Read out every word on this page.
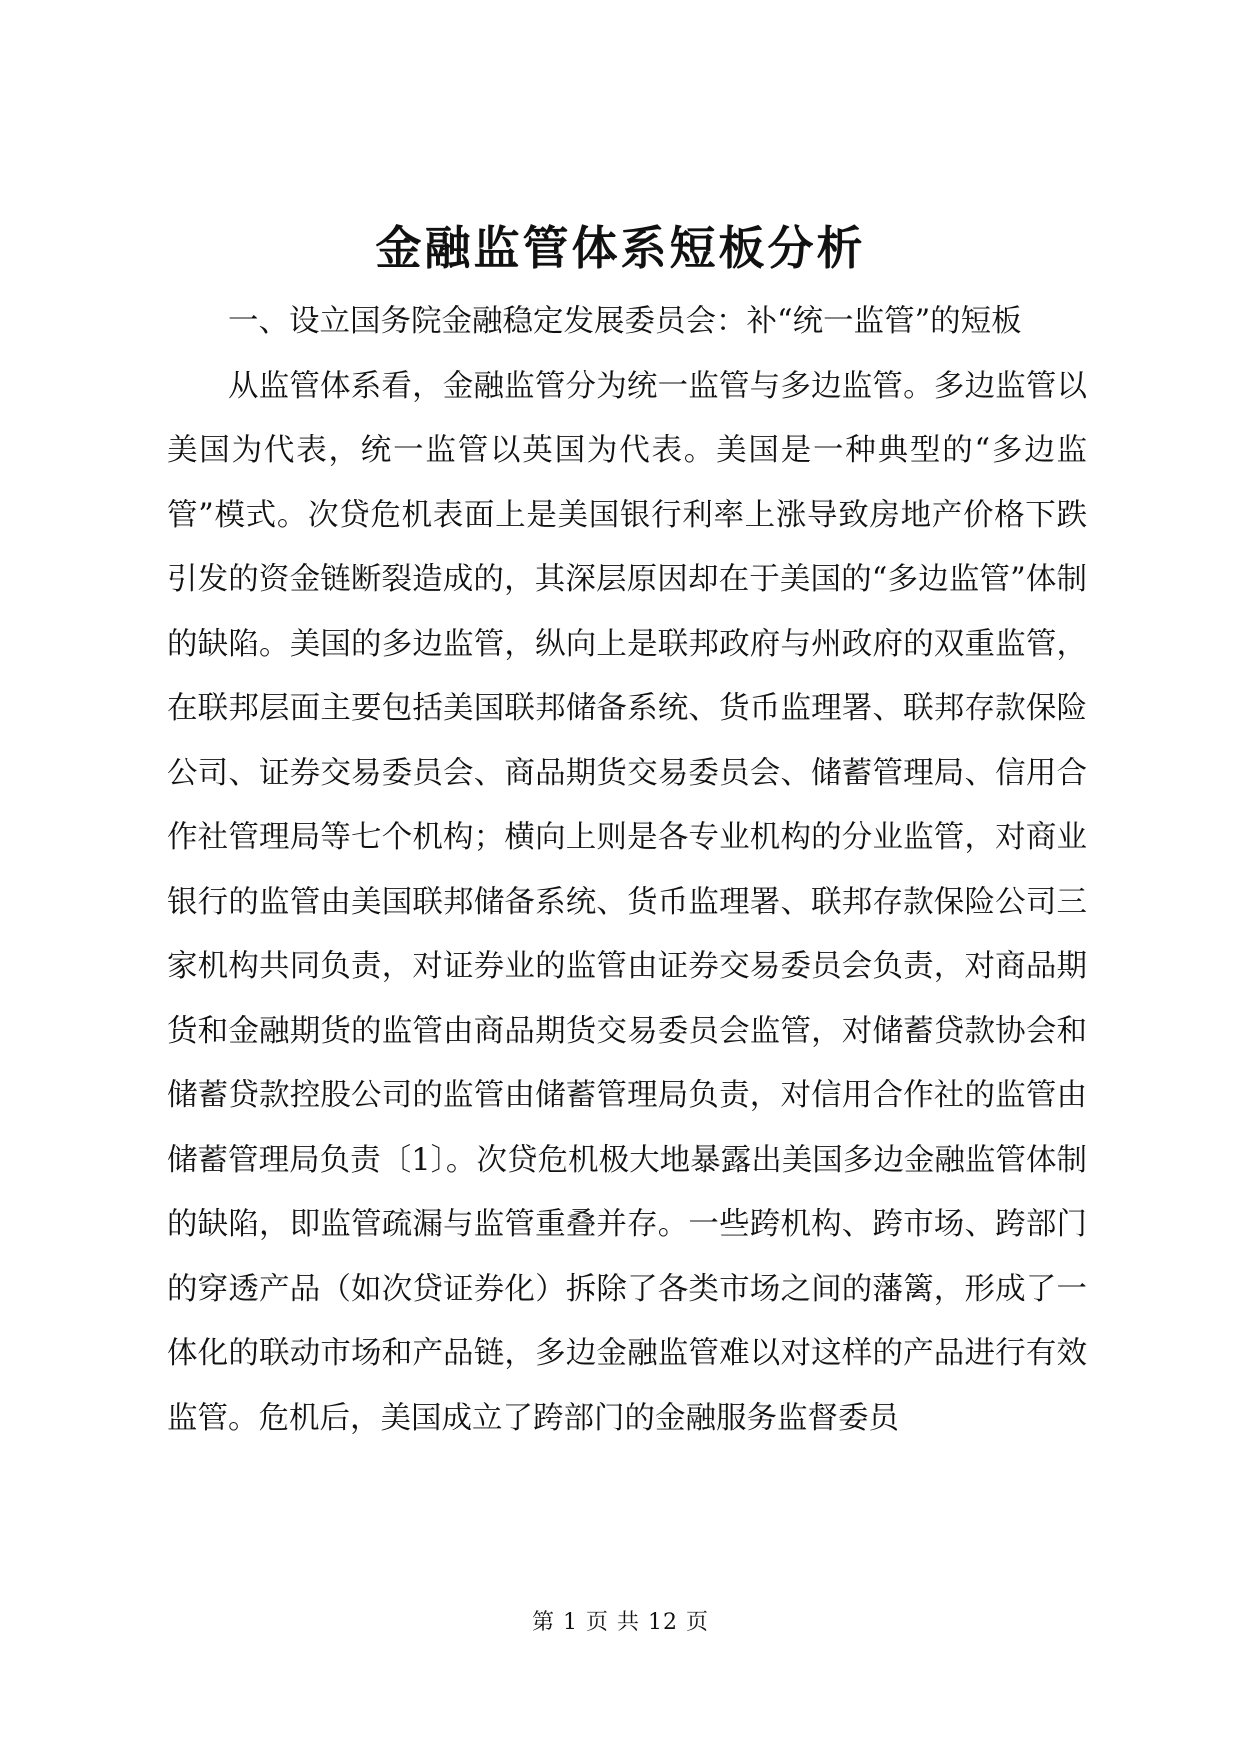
金融监管体系短板分析

一、设立国务院金融稳定发展委员会：补“统一监管”的短板

从监管体系看，金融监管分为统一监管与多边监管。多边监管以美国为代表，统一监管以英国为代表。美国是一种典型的“多边监管”模式。次贷危机表面上是美国银行利率上涨导致房地产价格下跌引发的资金链断裂造成的，其深层原因却在于美国的“多边监管”体制的缺陷。美国的多边监管，纵向上是联邦政府与州政府的双重监管，在联邦层面主要包括美国联邦储备系统、货币监理署、联邦存款保险公司、证券交易委员会、商品期货交易委员会、储蓄管理局、信用合作社管理局等七个机构；横向上则是各专业机构的分业监管，对商业银行的监管由美国联邦储备系统、货币监理署、联邦存款保险公司三家机构共同负责，对证券业的监管由证券交易委员会负责，对商品期货和金融期货的监管由商品期货交易委员会监管，对储蓄贷款协会和储蓄贷款控股公司的监管由储蓄管理局负责，对信用合作社的监管由储蓄管理局负责〔1〕。次贷危机极大地暴露出美国多边金融监管体制的缺陷，即监管疏漏与监管重叠并存。一些跨机构、跨市场、跨部门的穿透产品（如次贷证券化）拆除了各类市场之间的藩篱，形成了一体化的联动市场和产品链，多边金融监管难以对这样的产品进行有效监管。危机后，美国成立了跨部门的金融服务监督委员

第 1 页 共 12 页
